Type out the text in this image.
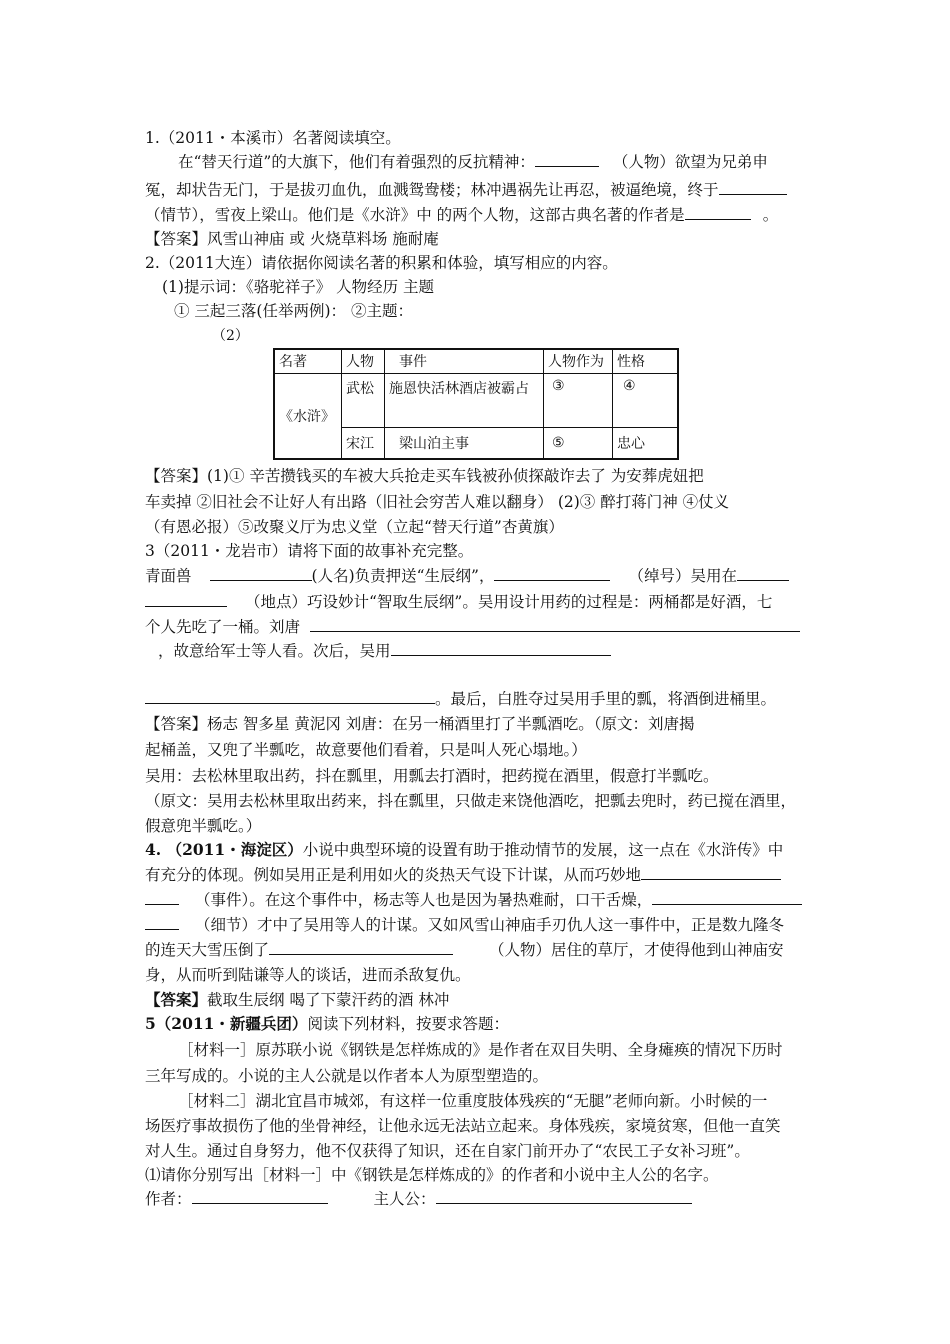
1.（2011・本溪市）名著阅读填空。
在“替天行道”的大旗下，他们有着强烈的反抗精神：	（人物）欲望为兄弟申
冤，却状告无门，于是拔刃血仇，血溅鸳鸯楼；林冲遇祸先让再忍，被逼绝境，终于
（情节），雪夜上梁山。他们是《水浒》中 的两个人物，这部古典名著的作者是	。
【答案】风雪山神庙 或 火烧草料场 施耐庵
2.（2011大连）请依据你阅读名著的积累和体验，填写相应的内容。
(1)提示词：《骆驼祥子》 人物经历 主题
① 三起三落(任举两例)： ②主题：
（2）
名著	人物	事件	人物作为	性格
《水浒》	武松	施恩快活林酒店被霸占	③	④
	宋江	梁山泊主事	⑤	忠心
【答案】(1)① 辛苦攒钱买的车被大兵抢走买车钱被孙侦探敲诈去了 为安葬虎妞把
车卖掉 ②旧社会不让好人有出路（旧社会穷苦人难以翻身） (2)③ 醉打蒋门神 ④仗义
（有恩必报）⑤改聚义厅为忠义堂（立起“替天行道”杏黄旗）
3（2011・龙岩市）请将下面的故事补充完整。
青面兽	(人名)负责押送“生辰纲”，	（绰号）吴用在
（地点）巧设妙计“智取生辰纲”。吴用设计用药的过程是：两桶都是好酒，七
个人先吃了一桶。刘唐
，故意给军士等人看。次后，吴用
。最后，白胜夺过吴用手里的瓢，将酒倒进桶里。
【答案】杨志 智多星 黄泥冈 刘唐：在另一桶酒里打了半瓢酒吃。（原文：刘唐揭
起桶盖，又兜了半瓢吃，故意要他们看着，只是叫人死心塌地。）
吴用：去松林里取出药，抖在瓢里，用瓢去打酒时，把药搅在酒里，假意打半瓢吃。
（原文：吴用去松林里取出药来，抖在瓢里，只做走来饶他酒吃，把瓢去兜时，药已搅在酒里，
假意兜半瓢吃。）
4. （2011・海淀区）小说中典型环境的设置有助于推动情节的发展，这一点在《水浒传》中
有充分的体现。例如吴用正是利用如火的炎热天气设下计谋，从而巧妙地
（事件）。在这个事件中，杨志等人也是因为暑热难耐，口干舌燥，
（细节）才中了吴用等人的计谋。又如风雪山神庙手刃仇人这一事件中，正是数九隆冬
的连天大雪压倒了	（人物）居住的草厅，才使得他到山神庙安
身，从而听到陆谦等人的谈话，进而杀敌复仇。
【答案】截取生辰纲 喝了下蒙汗药的酒 林冲
5（2011・新疆兵团）阅读下列材料，按要求答题：
［材料一］原苏联小说《钢铁是怎样炼成的》是作者在双目失明、全身瘫痪的情况下历时
三年写成的。小说的主人公就是以作者本人为原型塑造的。
［材料二］湖北宜昌市城郊，有这样一位重度肢体残疾的“无腿”老师向新。小时候的一
场医疗事故损伤了他的坐骨神经，让他永远无法站立起来。身体残疾，家境贫寒，但他一直笑
对人生。通过自身努力，他不仅获得了知识，还在自家门前开办了“农民工子女补习班”。
⑴请你分别写出［材料一］中《钢铁是怎样炼成的》的作者和小说中主人公的名字。
作者：	主人公：
